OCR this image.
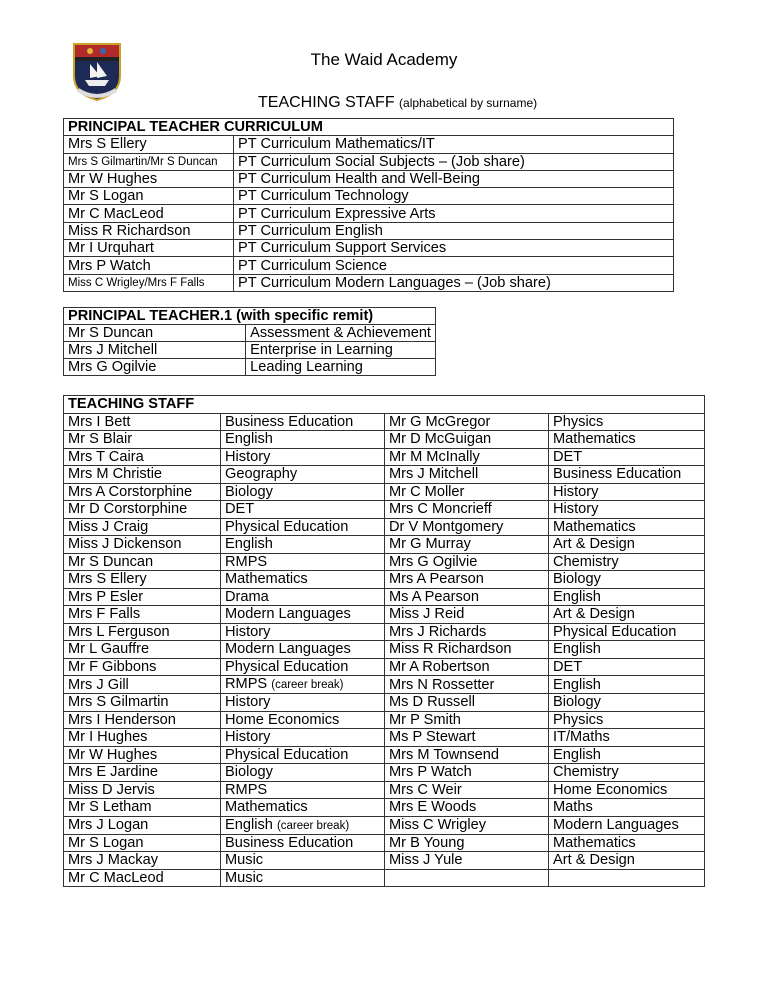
The Waid Academy
TEACHING STAFF (alphabetical by surname)
PRINCIPAL TEACHER CURRICULUM	
Mrs S Ellery	PT Curriculum Mathematics/IT
Mrs S Gilmartin/Mr S Duncan	PT Curriculum Social Subjects – (Job share)
Mr W Hughes	PT Curriculum Health and Well-Being
Mr S Logan	PT Curriculum Technology
Mr C MacLeod	PT Curriculum Expressive Arts
Miss R Richardson	PT Curriculum English
Mr I Urquhart	PT Curriculum Support Services
Mrs P Watch	PT Curriculum Science
Miss C Wrigley/Mrs F Falls	PT Curriculum Modern Languages – (Job share)
PRINCIPAL TEACHER.1 (with specific remit)	
Mr S Duncan	Assessment & Achievement
Mrs J Mitchell	Enterprise in Learning
Mrs G Ogilvie	Leading Learning
TEACHING STAFF			
Mrs I Bett	Business Education	Mr G McGregor	Physics
Mr S Blair	English	Mr D McGuigan	Mathematics
Mrs T Caira	History	Mr M McInally	DET
Mrs M Christie	Geography	Mrs J Mitchell	Business Education
Mrs A Corstorphine	Biology	Mr C Moller	History
Mr D Corstorphine	DET	Mrs C Moncrieff	History
Miss J Craig	Physical Education	Dr V Montgomery	Mathematics
Miss J Dickenson	English	Mr G Murray	Art & Design
Mr S Duncan	RMPS	Mrs G Ogilvie	Chemistry
Mrs S Ellery	Mathematics	Mrs A Pearson	Biology
Mrs P Esler	Drama	Ms A Pearson	English
Mrs F Falls	Modern Languages	Miss J Reid	Art & Design
Mrs L Ferguson	History	Mrs J Richards	Physical Education
Mr L Gauffre	Modern Languages	Miss R Richardson	English
Mr F Gibbons	Physical Education	Mr A Robertson	DET
Mrs J Gill	RMPS (career break)	Mrs N Rossetter	English
Mrs S Gilmartin	History	Ms D Russell	Biology
Mrs I Henderson	Home Economics	Mr P Smith	Physics
Mr I Hughes	History	Ms P Stewart	IT/Maths
Mr W Hughes	Physical Education	Mrs M Townsend	English
Mrs E Jardine	Biology	Mrs P Watch	Chemistry
Miss D Jervis	RMPS	Mrs C Weir	Home Economics
Mr S Letham	Mathematics	Mrs E Woods	Maths
Mrs J Logan	English (career break)	Miss C Wrigley	Modern Languages
Mr S Logan	Business Education	Mr B Young	Mathematics
Mrs J Mackay	Music	Miss J Yule	Art & Design
Mr C MacLeod	Music		
